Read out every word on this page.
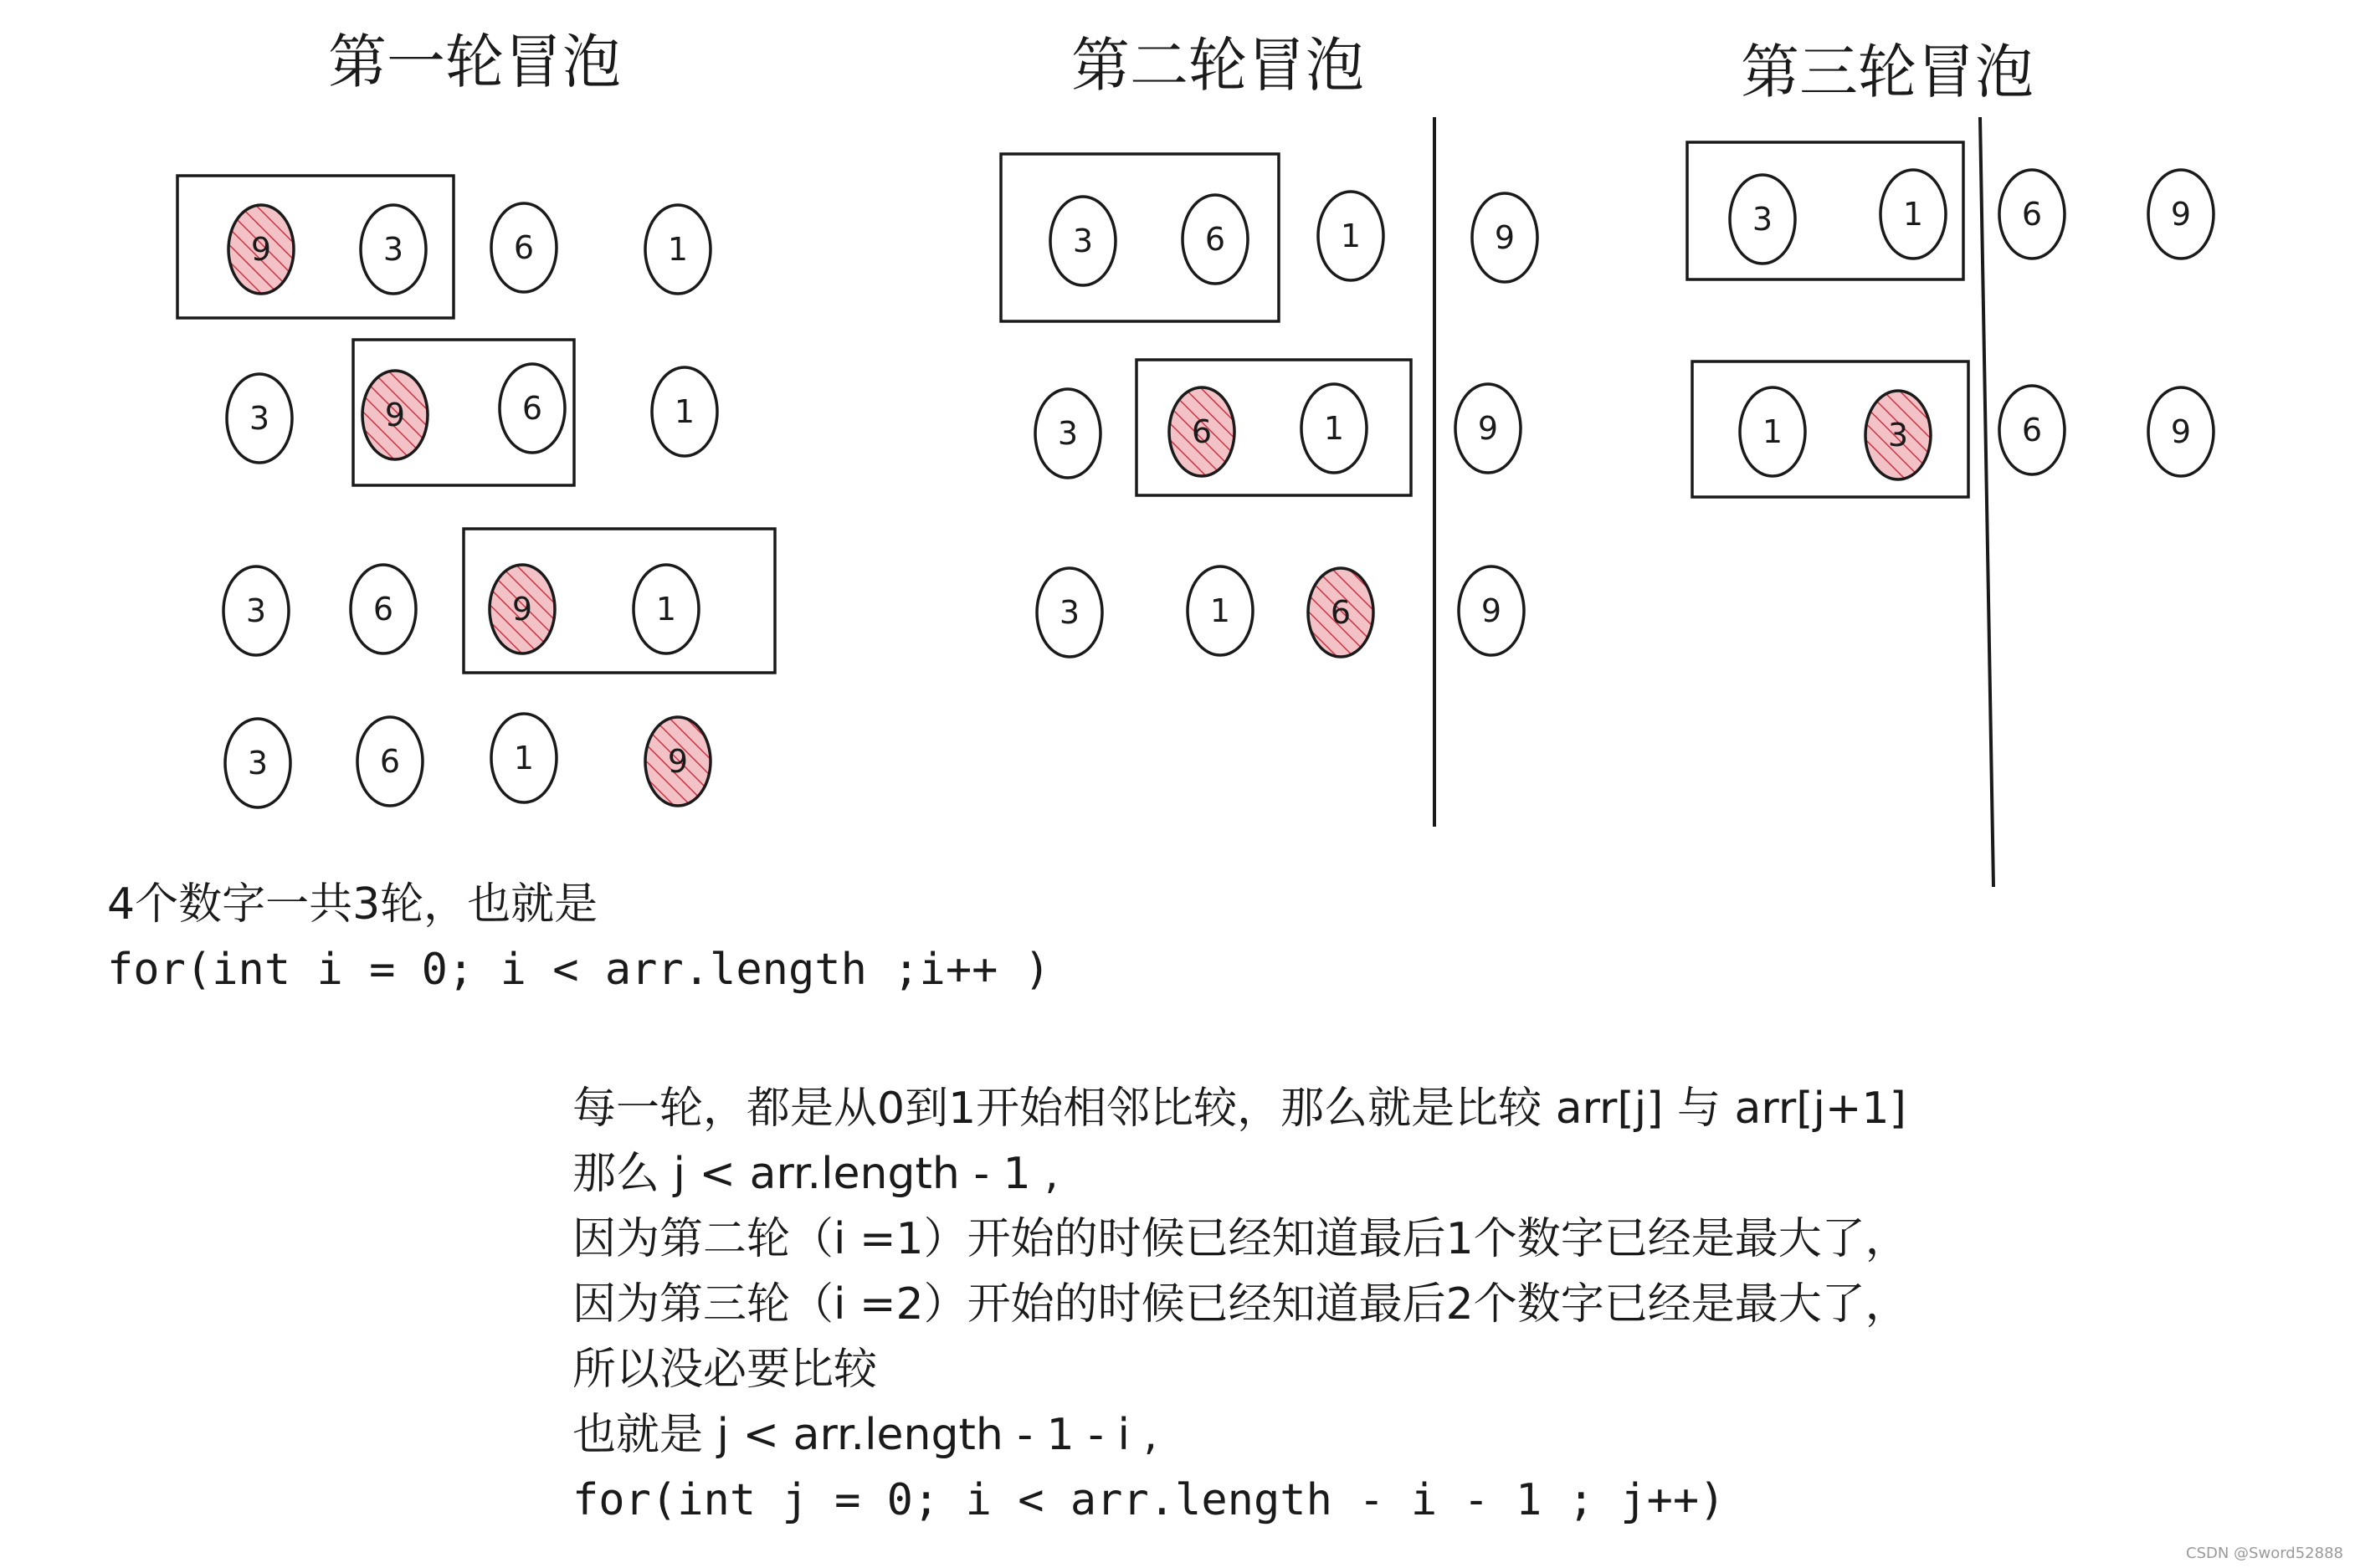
第一轮冒泡	第二轮冒泡	第三轮冒泡
9	3	6	1
3	9	6	1
3	6	9	1
3	6	1	9
3	6	1	9
3	6	1	9
3	1	6	9
3	1	6	9
1	3	6	9
4个数字一共3轮，也就是
for(int i = 0; i < arr.length ;i++ )
每一轮，都是从0到1开始相邻比较，那么就是比较 arr[j] 与 arr[j+1]
那么 j < arr.length - 1 ,
因为第二轮（i =1）开始的时候已经知道最后1个数字已经是最大了，
因为第三轮（i =2）开始的时候已经知道最后2个数字已经是最大了，
所以没必要比较
也就是 j < arr.length - 1 - i ,
for(int j = 0; i < arr.length - i - 1 ; j++)
CSDN @Sword52888
